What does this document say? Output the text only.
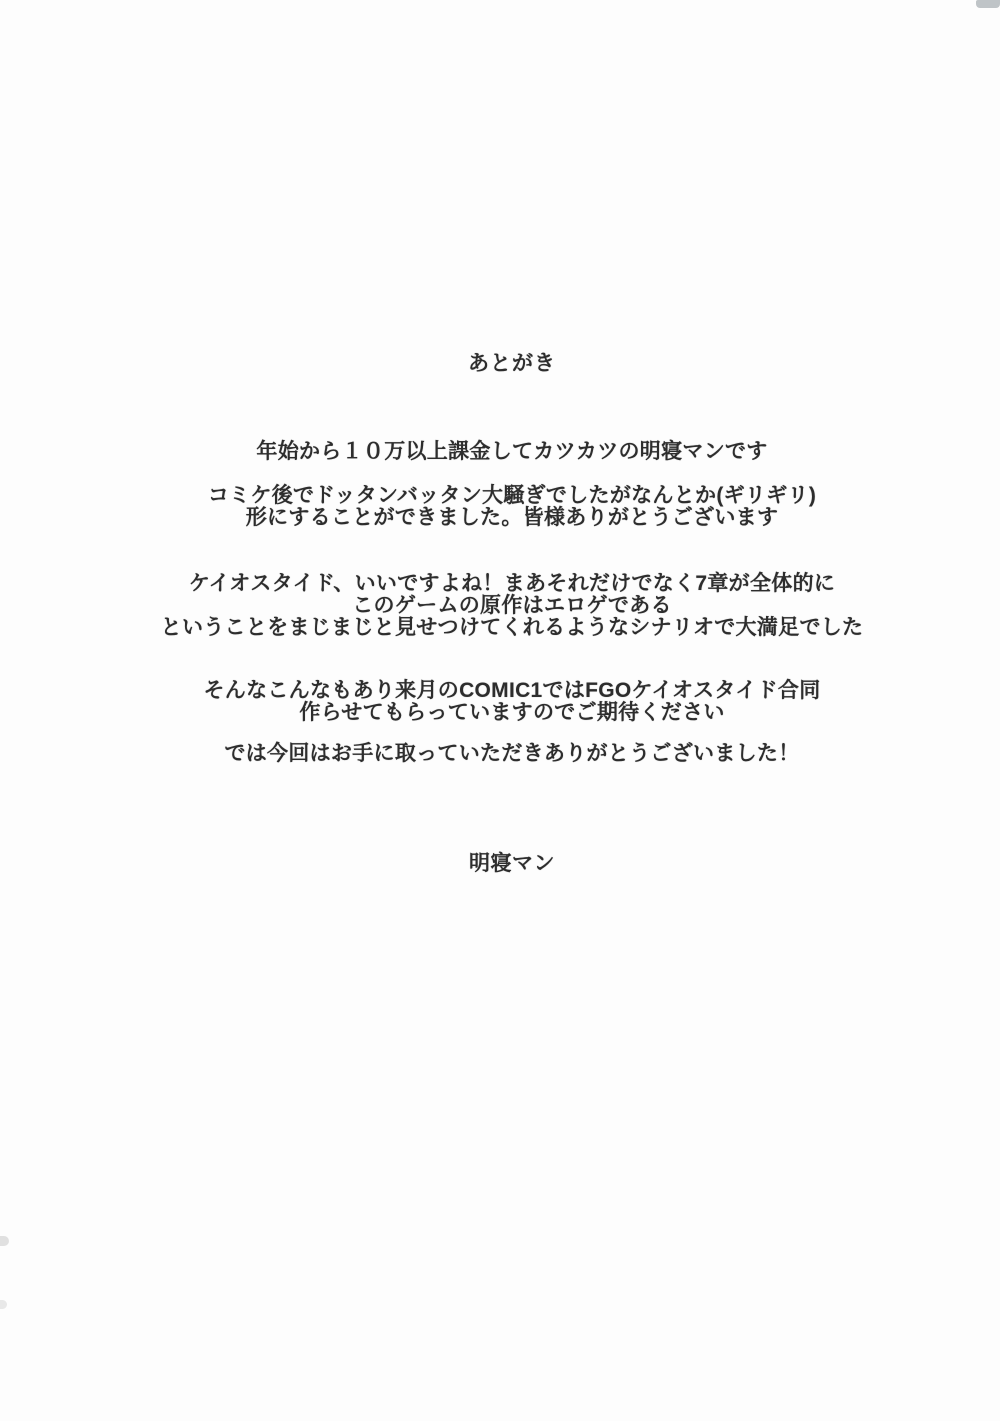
あとがき
年始から１０万以上課金してカツカツの明寝マンです
コミケ後でドッタンバッタン大騒ぎでしたがなんとか(ギリギリ)
形にすることができました。皆様ありがとうございます
ケイオスタイド、いいですよね！まあそれだけでなく7章が全体的に
このゲームの原作はエロゲである
ということをまじまじと見せつけてくれるようなシナリオで大満足でした
そんなこんなもあり来月のCOMIC1ではFGOケイオスタイド合同
作らせてもらっていますのでご期待ください
では今回はお手に取っていただきありがとうございました！
明寝マン
